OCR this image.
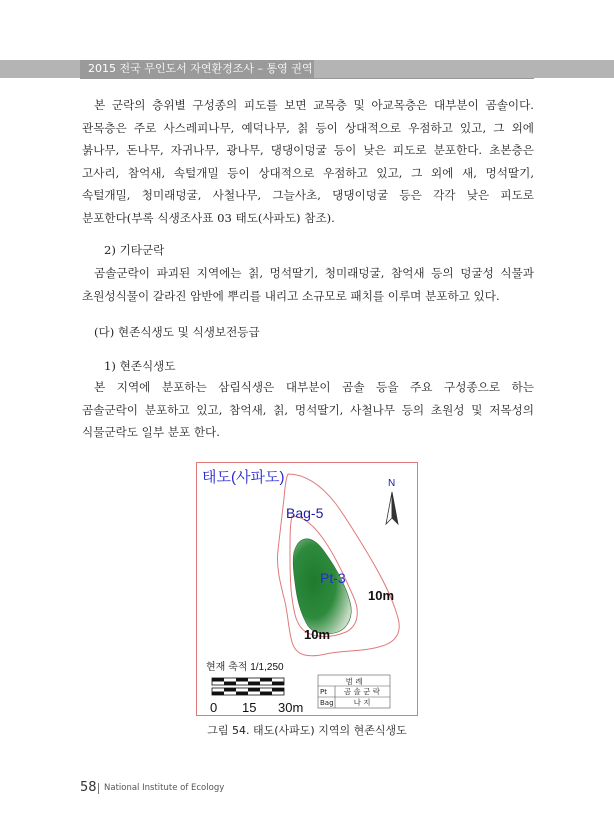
2015 전국 무인도서 자연환경조사 – 통영 권역
본 군락의 층위별 구성종의 피도를 보면 교목층 및 아교목층은 대부분이 곰솔이다.
관목층은 주로 사스레피나무, 예덕나무, 칡 등이 상대적으로 우점하고 있고, 그 외에
붉나무, 돈나무, 자귀나무, 광나무, 댕댕이덩굴 등이 낮은 피도로 분포한다. 초본층은
고사리, 참억새, 속털개밀 등이 상대적으로 우점하고 있고, 그 외에 새, 멍석딸기,
속털개밀, 청미래덩굴, 사철나무, 그늘사초, 댕댕이덩굴 등은 각각 낮은 피도로
분포한다(부록 식생조사표 03 태도(사파도) 참조).
2) 기타군락
곰솔군락이 파괴된 지역에는 칡, 멍석딸기, 청미래덩굴, 참억새 등의 덩굴성 식물과
초원성식물이 갈라진 암반에 뿌리를 내리고 소규모로 패치를 이루며 분포하고 있다.
(다) 현존식생도 및 식생보전등급
1) 현존식생도
본 지역에 분포하는 삼림식생은 대부분이 곰솔 등을 주요 구성종으로 하는
곰솔군락이 분포하고 있고, 참억새, 칡, 멍석딸기, 사철나무 등의 초원성 및 저목성의
식물군락도 일부 분포 한다.
태도(사파도)	N
Bag-5
Pt-3
10m
10m
현재 축적 1/1,250
0 15 30m
범 례
Pt 곰 솔 군 락
Bag	나 지
그림 54. 태도(사파도) 지역의 현존식생도
58 National Institute of Ecology
